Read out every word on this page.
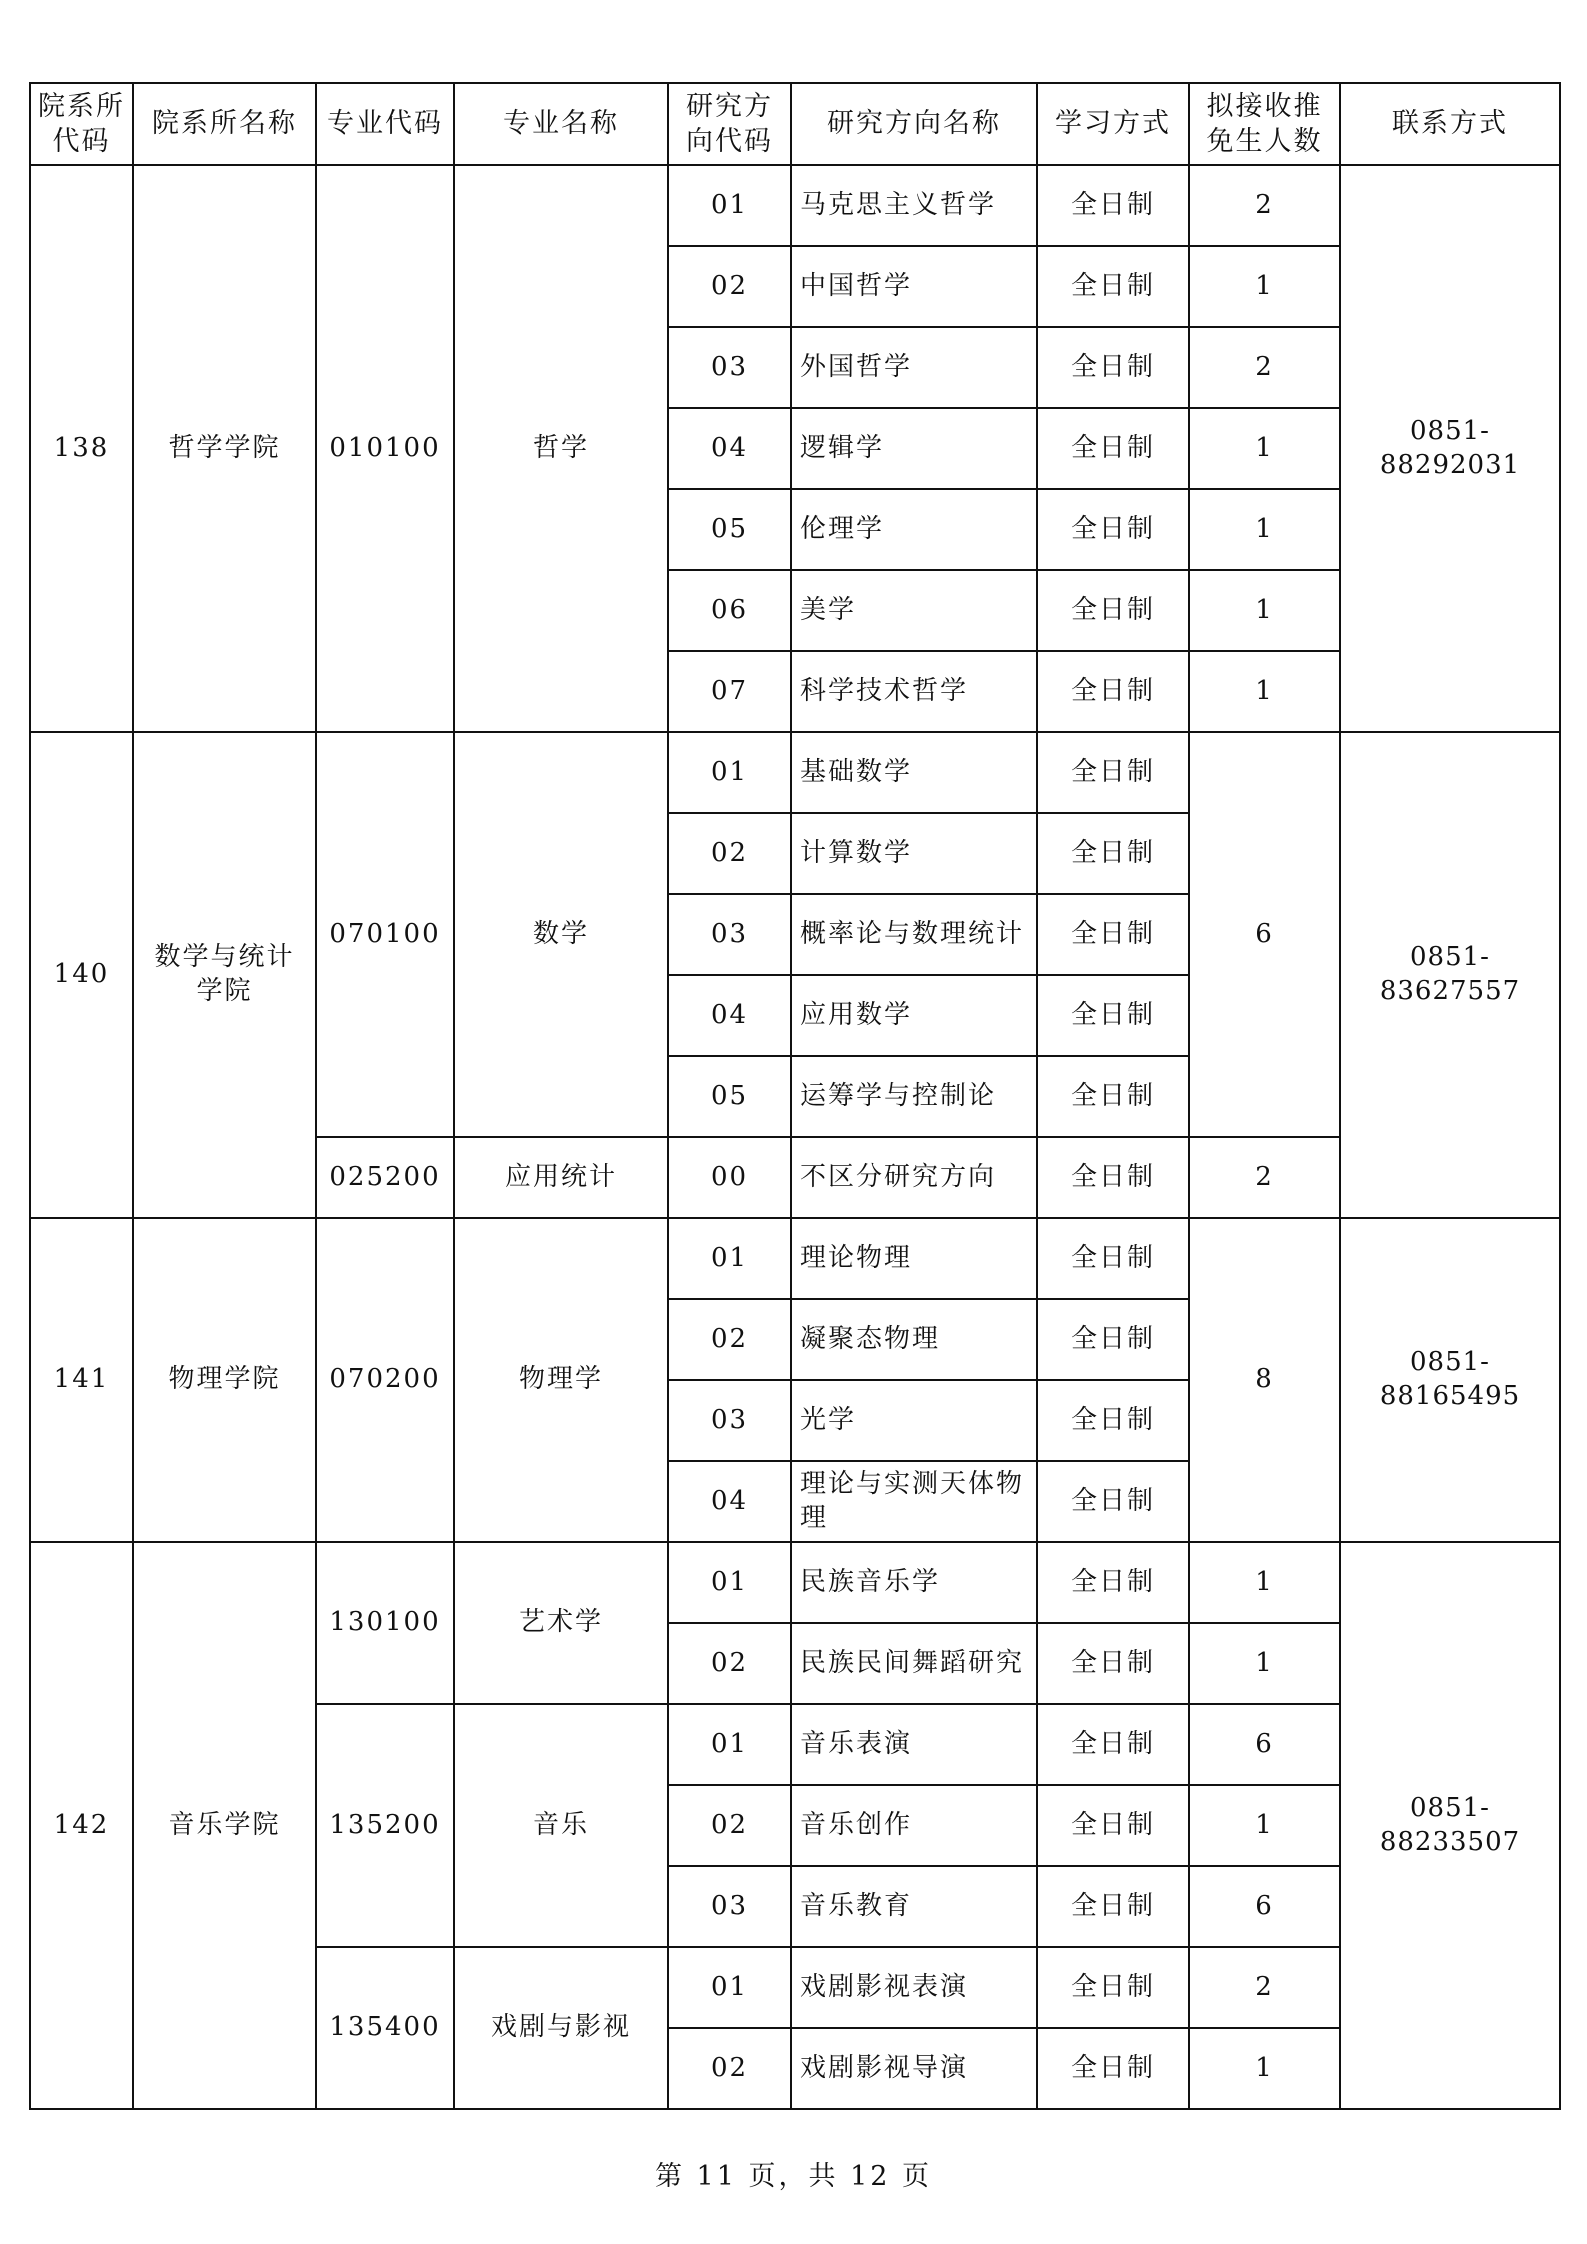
院系所代码	院系所名称	专业代码	专业名称	研究方向代码	研究方向名称	学习方式	拟接收推免生人数	联系方式
138	哲学学院	010100	哲学	01	马克思主义哲学	全日制	2	0851-88292031
				02	中国哲学	全日制	1	
				03	外国哲学	全日制	2	
				04	逻辑学	全日制	1	
				05	伦理学	全日制	1	
				06	美学	全日制	1	
				07	科学技术哲学	全日制	1	
140	数学与统计学院	070100	数学	01	基础数学	全日制	6	0851-83627557
				02	计算数学	全日制		
				03	概率论与数理统计	全日制		
				04	应用数学	全日制		
				05	运筹学与控制论	全日制		
		025200	应用统计	00	不区分研究方向	全日制	2	
141	物理学院	070200	物理学	01	理论物理	全日制	8	0851-88165495
				02	凝聚态物理	全日制		
				03	光学	全日制		
				04	理论与实测天体物理	全日制		
142	音乐学院	130100	艺术学	01	民族音乐学	全日制	1	0851-88233507
				02	民族民间舞蹈研究	全日制	1	
		135200	音乐	01	音乐表演	全日制	6	
				02	音乐创作	全日制	1	
				03	音乐教育	全日制	6	
		135400	戏剧与影视	01	戏剧影视表演	全日制	2	
				02	戏剧影视导演	全日制	1	
第 11 页，共 12 页
